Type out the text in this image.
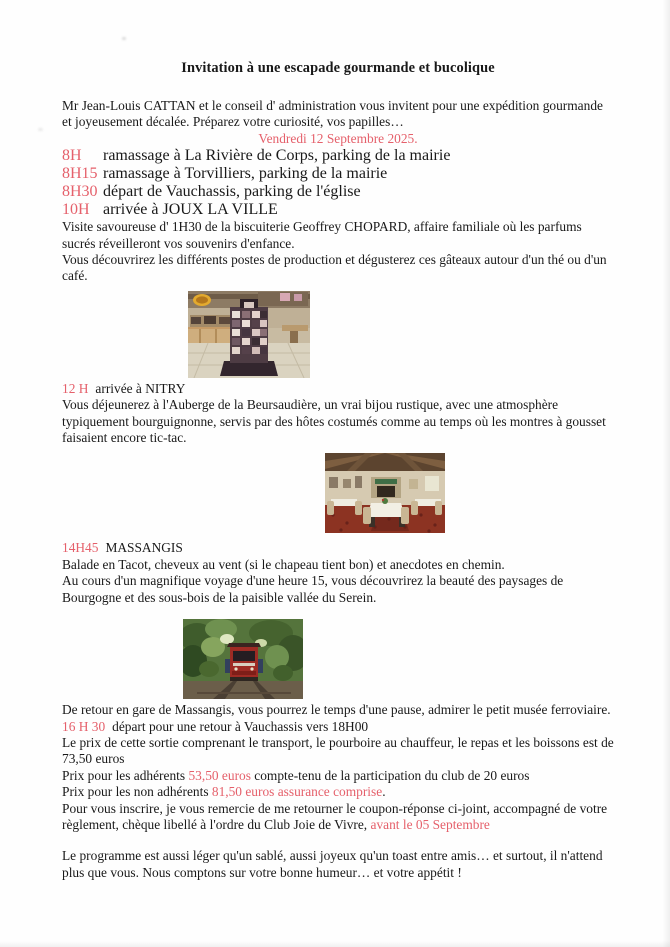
Invitation à une escapade gourmande et bucolique

Mr Jean-Louis CATTAN et le conseil d' administration vous invitent pour une expédition gourmande et joyeusement décalée. Préparez votre curiosité, vos papilles…

Vendredi 12 Septembre 2025.

8H	ramassage à La Rivière de Corps, parking de la mairie
8H15 ramassage à Torvilliers, parking de la mairie
8H30 départ de Vauchassis, parking de l'église
10H arrivée à JOUX LA VILLE

Visite savoureuse d' 1H30 de la biscuiterie Geoffrey CHOPARD, affaire familiale où les parfums sucrés réveilleront vos souvenirs d'enfance.

Vous découvrirez les différents postes de production et dégusterez ces gâteaux autour d'un thé ou d'un café.

12 H arrivée à NITRY

Vous déjeunerez à l'Auberge de la Beursaudière, un vrai bijou rustique, avec une atmosphère typiquement bourguignonne, servis par des hôtes costumés comme au temps où les montres à gousset faisaient encore tic-tac.

14H45 MASSANGIS

Balade en Tacot, cheveux au vent (si le chapeau tient bon) et anecdotes en chemin.

Au cours d'un magnifique voyage d'une heure 15, vous découvrirez la beauté des paysages de Bourgogne et des sous-bois de la paisible vallée du Serein.

De retour en gare de Massangis, vous pourrez le temps d'une pause, admirer le petit musée ferroviaire.

16 H 30 départ pour une retour à Vauchassis vers 18H00

Le prix de cette sortie comprenant le transport, le pourboire au chauffeur, le repas et les boissons est de 73,50 euros

Prix pour les adhérents 53,50 euros compte-tenu de la participation du club de 20 euros

Prix pour les non adhérents 81,50 euros assurance comprise.

Pour vous inscrire, je vous remercie de me retourner le coupon-réponse ci-joint, accompagné de votre règlement, chèque libellé à l'ordre du Club Joie de Vivre, avant le 05 Septembre

Le programme est aussi léger qu'un sablé, aussi joyeux qu'un toast entre amis… et surtout, il n'attend plus que vous. Nous comptons sur votre bonne humeur… et votre appétit !
